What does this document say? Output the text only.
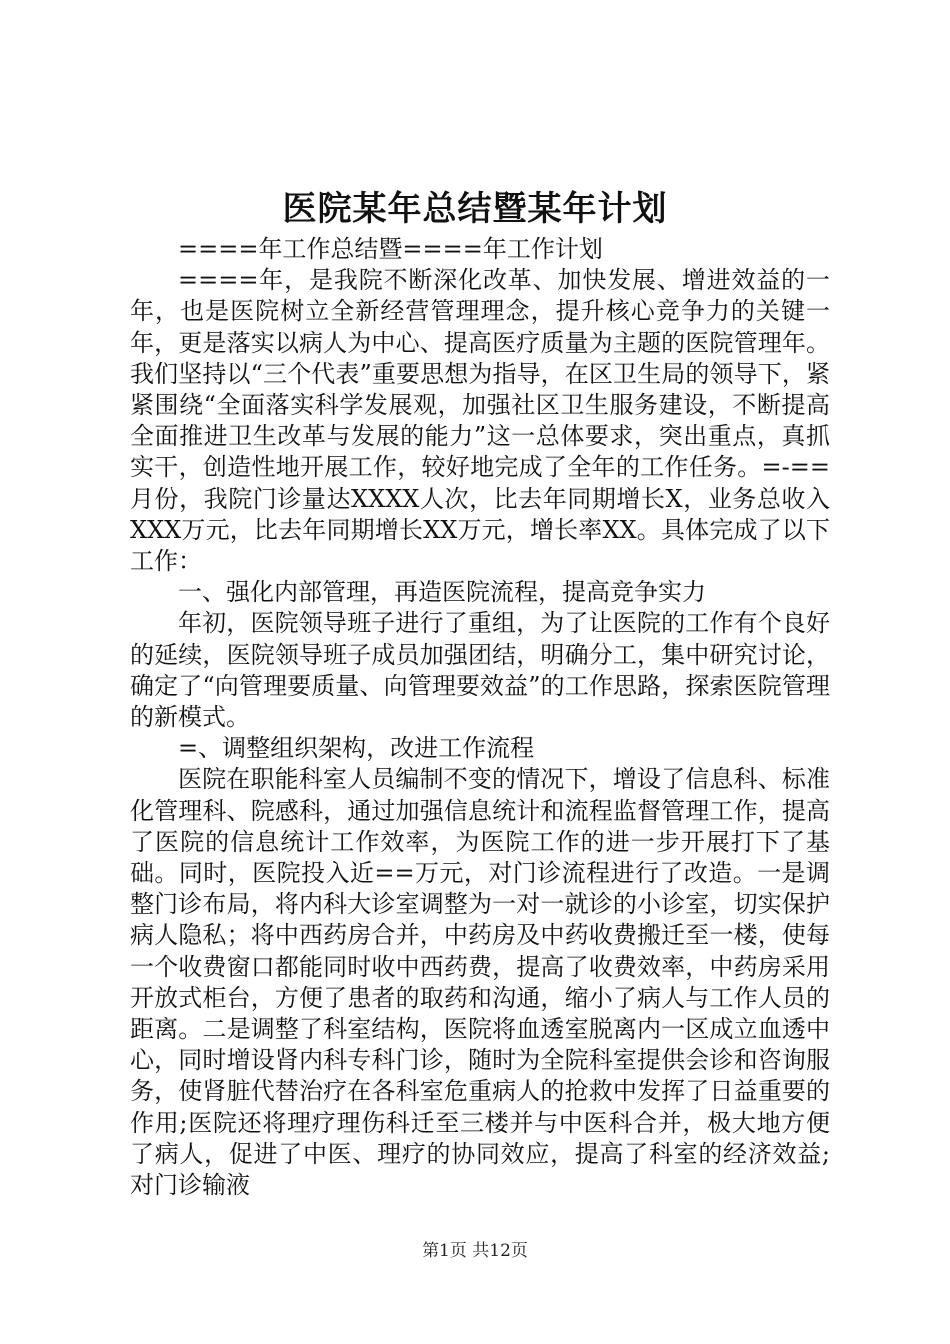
医院某年总结暨某年计划

====年工作总结暨====年工作计划

====年，是我院不断深化改革、加快发展、增进效益的一年，也是医院树立全新经营管理理念，提升核心竞争力的关键一年，更是落实以病人为中心、提高医疗质量为主题的医院管理年。我们坚持以“三个代表”重要思想为指导，在区卫生局的领导下，紧紧围绕“全面落实科学发展观，加强社区卫生服务建设，不断提高全面推进卫生改革与发展的能力”这一总体要求，突出重点，真抓实干，创造性地开展工作，较好地完成了全年的工作任务。=-==月份，我院门诊量达XXXX人次，比去年同期增长X，业务总收入XXX万元，比去年同期增长XX万元，增长率XX。具体完成了以下工作：

一、强化内部管理，再造医院流程，提高竞争实力

年初，医院领导班子进行了重组，为了让医院的工作有个良好的延续，医院领导班子成员加强团结，明确分工，集中研究讨论，确定了“向管理要质量、向管理要效益”的工作思路，探索医院管理的新模式。

=、调整组织架构，改进工作流程

医院在职能科室人员编制不变的情况下，增设了信息科、标准化管理科、院感科，通过加强信息统计和流程监督管理工作，提高了医院的信息统计工作效率，为医院工作的进一步开展打下了基础。同时，医院投入近==万元，对门诊流程进行了改造。一是调整门诊布局，将内科大诊室调整为一对一就诊的小诊室，切实保护病人隐私；将中西药房合并，中药房及中药收费搬迁至一楼，使每一个收费窗口都能同时收中西药费，提高了收费效率，中药房采用开放式柜台，方便了患者的取药和沟通，缩小了病人与工作人员的距离。二是调整了科室结构，医院将血透室脱离内一区成立血透中心，同时增设肾内科专科门诊，随时为全院科室提供会诊和咨询服务，使肾脏代替治疗在各科室危重病人的抢救中发挥了日益重要的作用;医院还将理疗理伤科迁至三楼并与中医科合并，极大地方便了病人，促进了中医、理疗的协同效应，提高了科室的经济效益;对门诊输液

第1页 共12页
